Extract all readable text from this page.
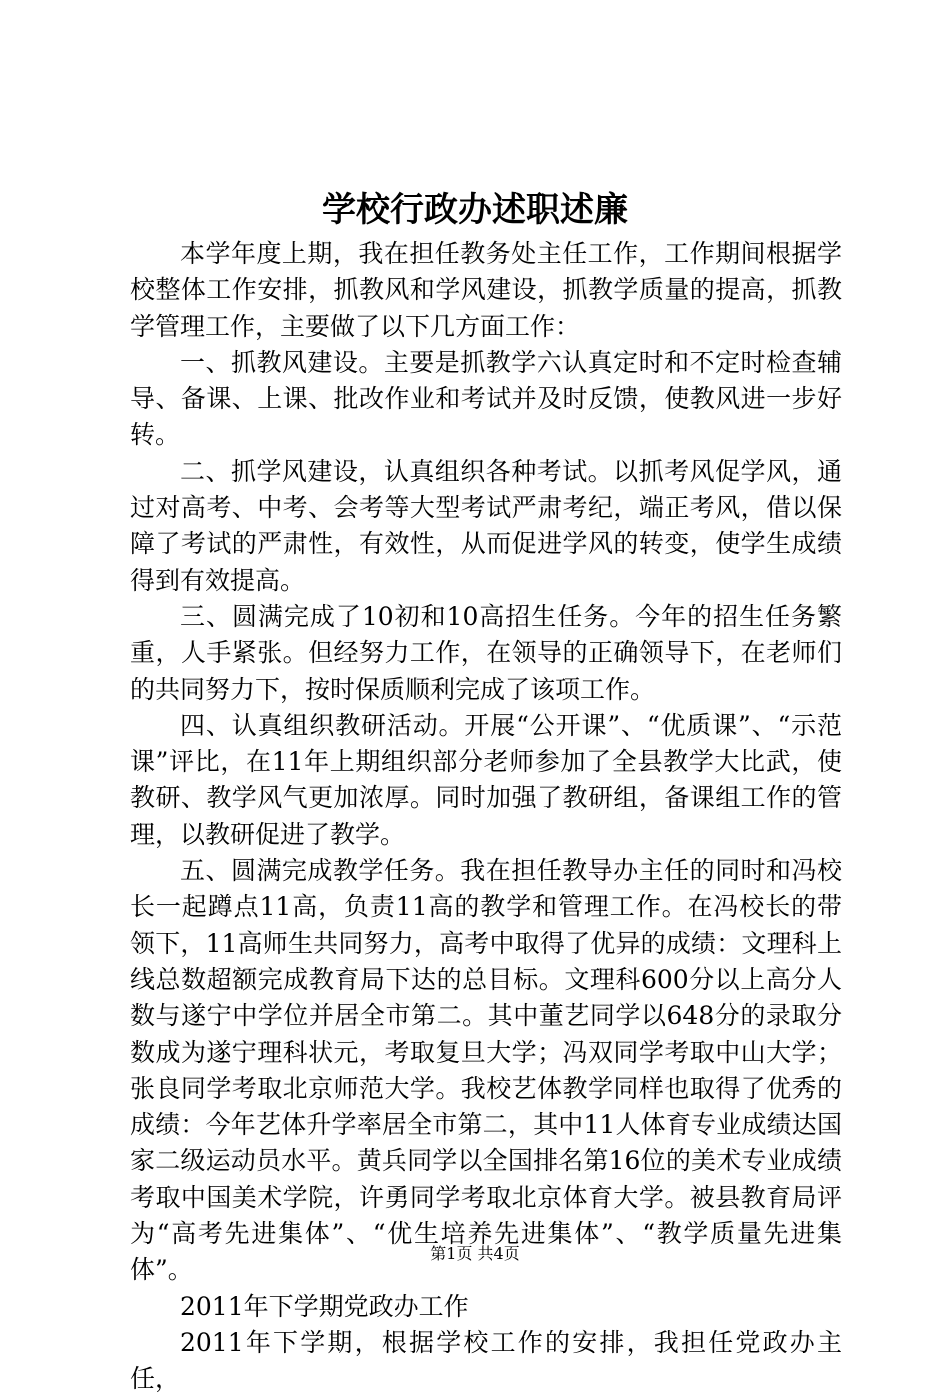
学校行政办述职述廉

本学年度上期，我在担任教务处主任工作，工作期间根据学校整体工作安排，抓教风和学风建设，抓教学质量的提高，抓教学管理工作，主要做了以下几方面工作：

一、抓教风建设。主要是抓教学六认真定时和不定时检查辅导、备课、上课、批改作业和考试并及时反馈，使教风进一步好转。

二、抓学风建设，认真组织各种考试。以抓考风促学风，通过对高考、中考、会考等大型考试严肃考纪，端正考风，借以保障了考试的严肃性，有效性，从而促进学风的转变，使学生成绩得到有效提高。

三、圆满完成了10初和10高招生任务。今年的招生任务繁重，人手紧张。但经努力工作，在领导的正确领导下，在老师们的共同努力下，按时保质顺利完成了该项工作。

四、认真组织教研活动。开展“公开课”、“优质课”、“示范课”评比，在11年上期组织部分老师参加了全县教学大比武，使教研、教学风气更加浓厚。同时加强了教研组，备课组工作的管理，以教研促进了教学。

五、圆满完成教学任务。我在担任教导办主任的同时和冯校长一起蹲点11高，负责11高的教学和管理工作。在冯校长的带领下，11高师生共同努力，高考中取得了优异的成绩：文理科上线总数超额完成教育局下达的总目标。文理科600分以上高分人数与遂宁中学位并居全市第二。其中董艺同学以648分的录取分数成为遂宁理科状元，考取复旦大学；冯双同学考取中山大学；张良同学考取北京师范大学。我校艺体教学同样也取得了优秀的成绩：今年艺体升学率居全市第二，其中11人体育专业成绩达国家二级运动员水平。黄兵同学以全国排名第16位的美术专业成绩考取中国美术学院，许勇同学考取北京体育大学。被县教育局评为“高考先进集体”、“优生培养先进集体”、“教学质量先进集体”。

2011年下学期党政办工作

2011年下学期，根据学校工作的安排，我担任党政办主任，

第1页 共4页
